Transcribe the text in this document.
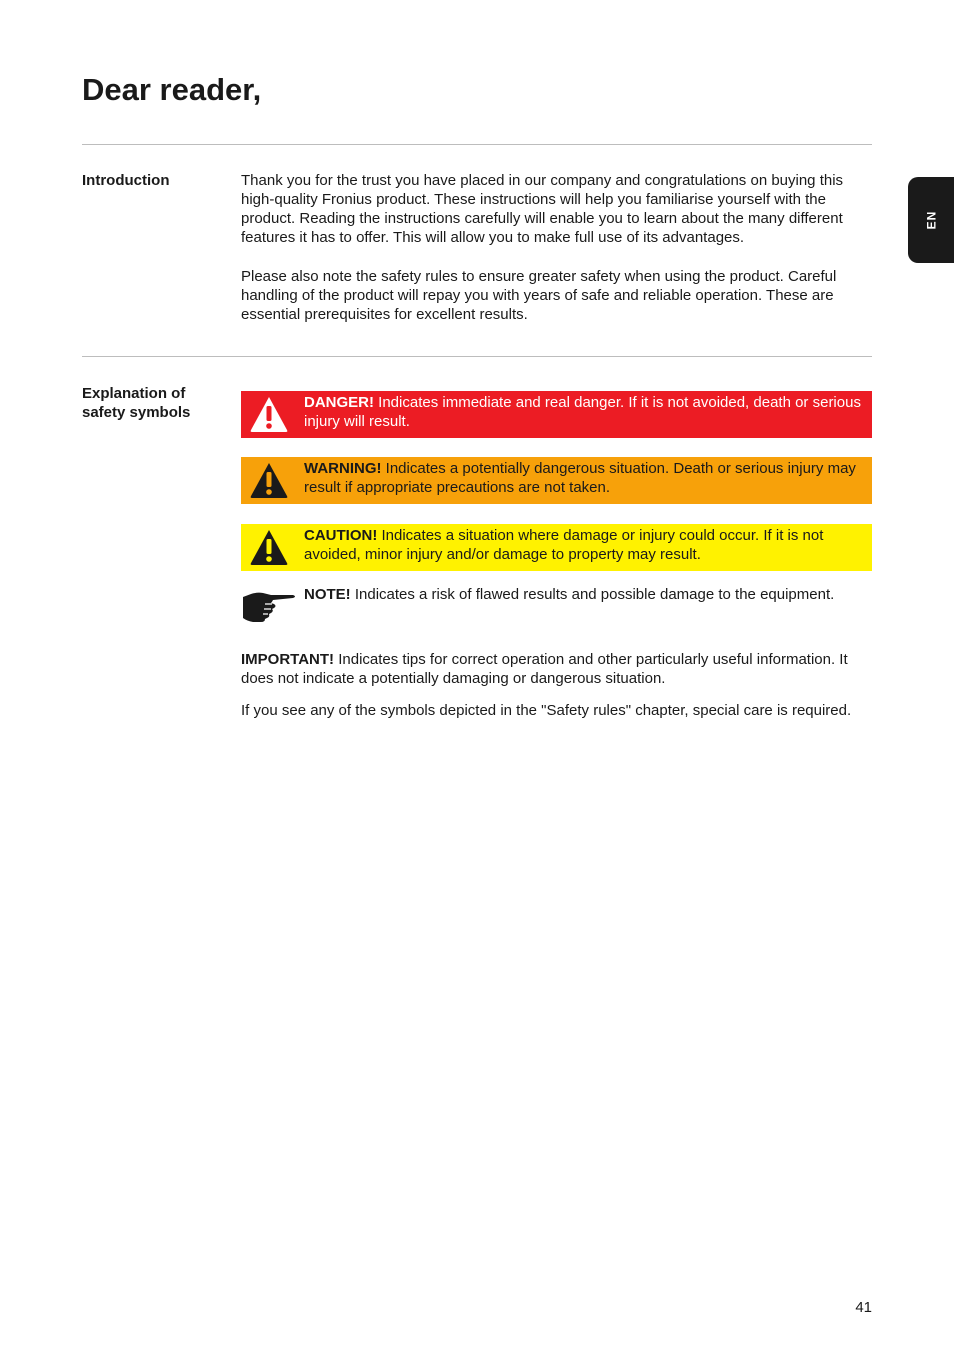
Dear reader,
EN
Introduction	Thank you for the trust you have placed in our company and congratulations on buying this high-quality Fronius product. These instructions will help you familiarise yourself with the product. Reading the instructions carefully will enable you to learn about the many different features it has to offer. This will allow you to make full use of its advantages.

Please also note the safety rules to ensure greater safety when using the product. Careful handling of the product will repay you with years of safe and reliable operation. These are essential prerequisites for excellent results.

Explanation of safety symbols
DANGER! Indicates immediate and real danger. If it is not avoided, death or serious injury will result.
WARNING! Indicates a potentially dangerous situation. Death or serious injury may result if appropriate precautions are not taken.
CAUTION! Indicates a situation where damage or injury could occur. If it is not avoided, minor injury and/or damage to property may result.
NOTE! Indicates a risk of flawed results and possible damage to the equipment.

IMPORTANT! Indicates tips for correct operation and other particularly useful information. It does not indicate a potentially damaging or dangerous situation.

If you see any of the symbols depicted in the "Safety rules" chapter, special care is required.

41
